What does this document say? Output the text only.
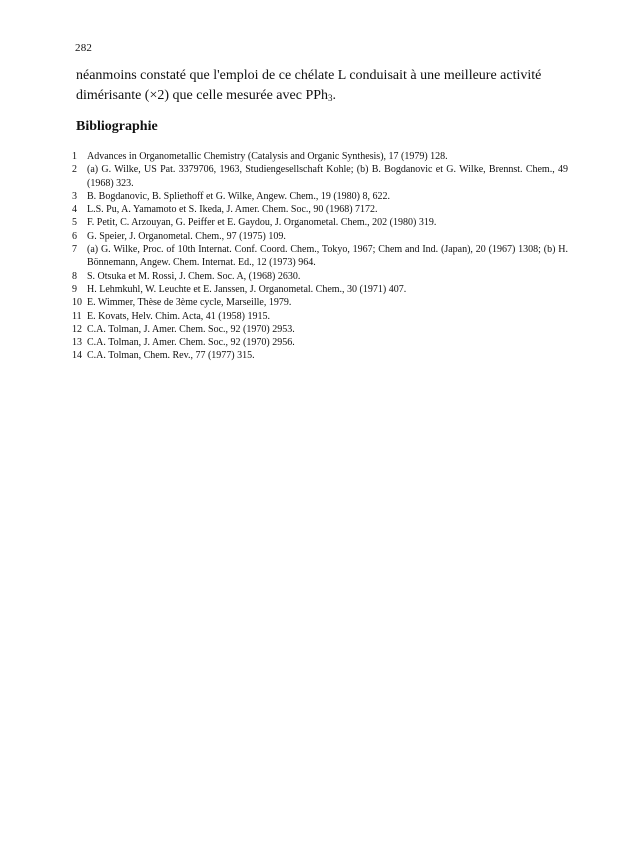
282

néanmoins constaté que l'emploi de ce chélate L conduisait à une meilleure activité dimérisante (×2) que celle mesurée avec PPh$_3$.

Bibliographie
1	Advances in Organometallic Chemistry (Catalysis and Organic Synthesis), 17 (1979) 128.
2	(a) G. Wilke, US Pat. 3379706, 1963, Studiengesellschaft Kohle; (b) B. Bogdanovic et G. Wilke, Brennst. Chem., 49 (1968) 323.
3	B. Bogdanovic, B. Spliethoff et G. Wilke, Angew. Chem., 19 (1980) 8, 622.
4	L.S. Pu, A. Yamamoto et S. Ikeda, J. Amer. Chem. Soc., 90 (1968) 7172.
5	F. Petit, C. Arzouyan, G. Peiffer et E. Gaydou, J. Organometal. Chem., 202 (1980) 319.
6	G. Speier, J. Organometal. Chem., 97 (1975) 109.
7	(a) G. Wilke, Proc. of 10th Internat. Conf. Coord. Chem., Tokyo, 1967; Chem and Ind. (Japan), 20 (1967) 1308; (b) H. Bönnemann, Angew. Chem. Internat. Ed., 12 (1973) 964.
8	S. Otsuka et M. Rossi, J. Chem. Soc. A, (1968) 2630.
9	H. Lehmkuhl, W. Leuchte et E. Janssen, J. Organometal. Chem., 30 (1971) 407.
10 E. Wimmer, Thèse de 3ème cycle, Marseille, 1979.
11 E. Kovats, Helv. Chim. Acta, 41 (1958) 1915.
12 C.A. Tolman, J. Amer. Chem. Soc., 92 (1970) 2953.
13 C.A. Tolman, J. Amer. Chem. Soc., 92 (1970) 2956.
14 C.A. Tolman, Chem. Rev., 77 (1977) 315.
